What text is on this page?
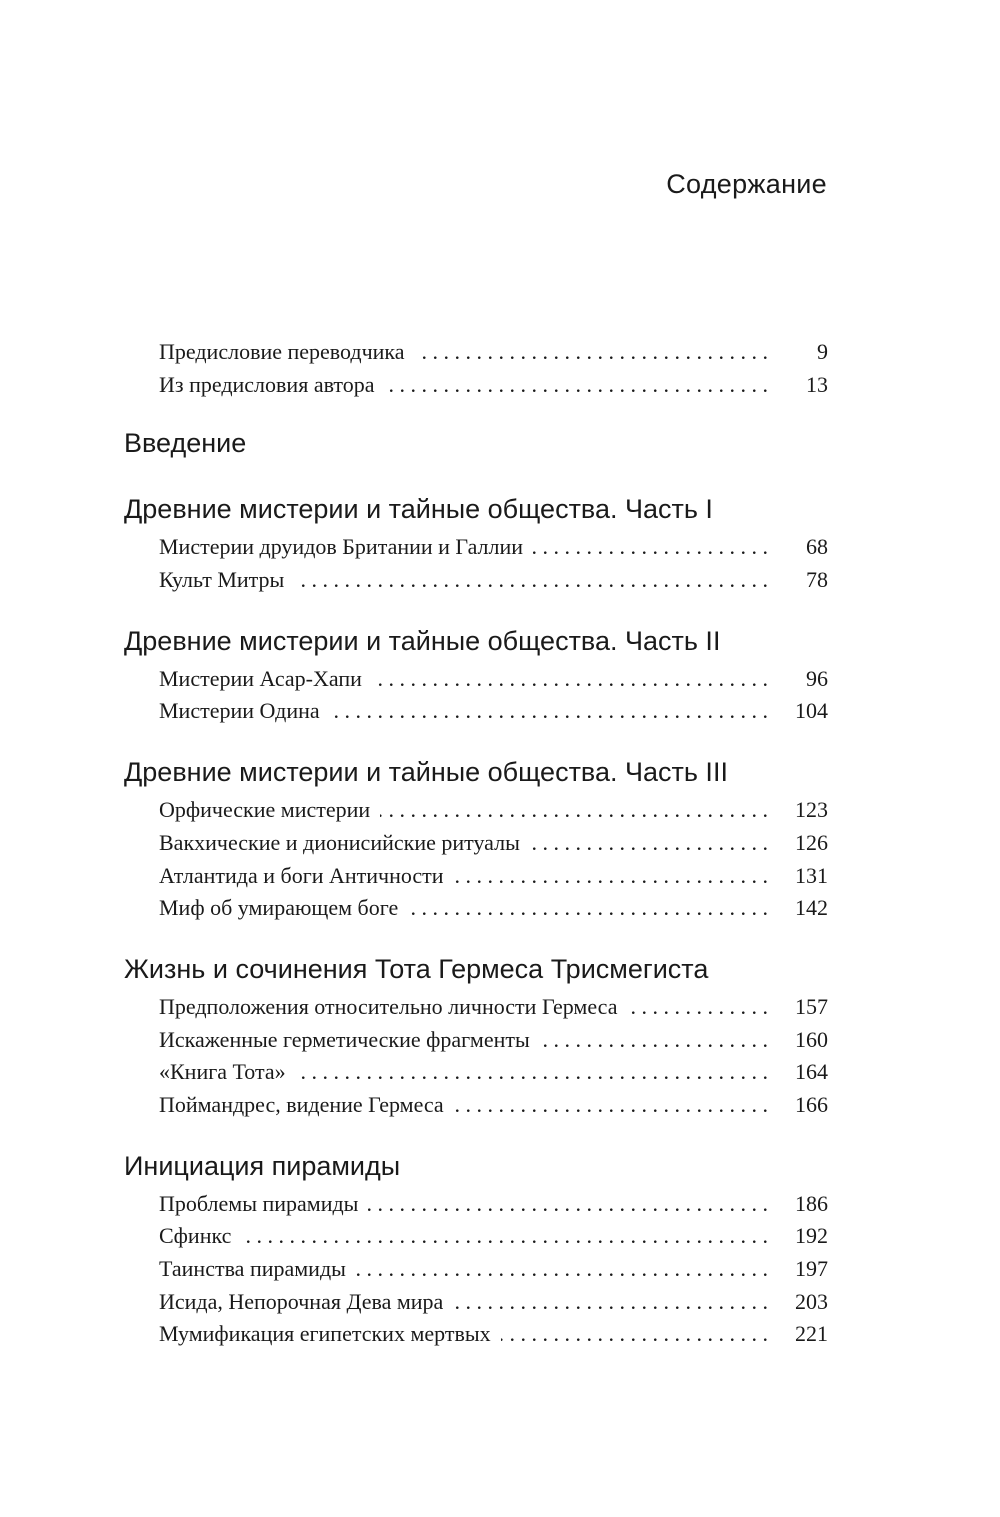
Содержание
Предисловие переводчика . . .	9
Из предисловия автора . . .	13
Введение
Древние мистерии и тайные общества. Часть I
Мистерии друидов Британии и Галлии . . .	68
Культ Митры . . .	78
Древние мистерии и тайные общества. Часть II
Мистерии Асар-Хапи . . .	96
Мистерии Одина . . .	104
Древние мистерии и тайные общества. Часть III
Орфические мистерии . . .	123
Вакхические и дионисийские ритуалы . . .	126
Атлантида и боги Античности . . .	131
Миф об умирающем боге . . .	142
Жизнь и сочинения Тота Гермеса Трисмегиста
Предположения относительно личности Гермеса . . .	157
Искаженные герметические фрагменты . . .	160
«Книга Тота» . . .	164
Поймандрес, видение Гермеса . . .	166
Инициация пирамиды
Проблемы пирамиды . . .	186
Сфинкс . . .	192
Таинства пирамиды . . .	197
Исида, Непорочная Дева мира . . .	203
Мумификация египетских мертвых . . .	221
